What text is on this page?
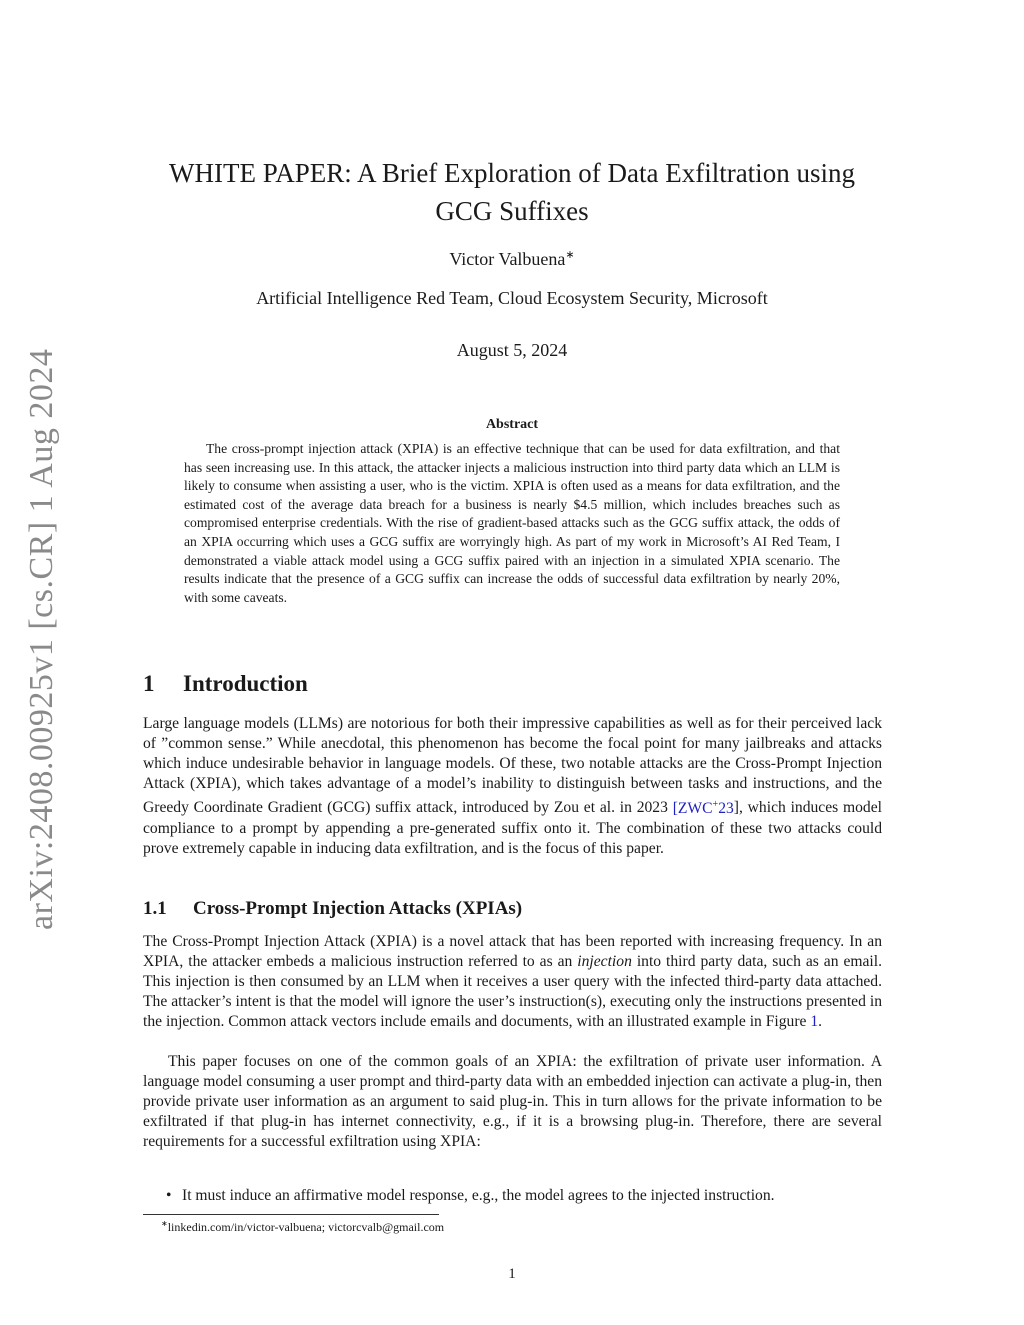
arXiv:2408.00925v1 [cs.CR] 1 Aug 2024
WHITE PAPER: A Brief Exploration of Data Exfiltration using GCG Suffixes
Victor Valbuena∗
Artificial Intelligence Red Team, Cloud Ecosystem Security, Microsoft
August 5, 2024
Abstract
The cross-prompt injection attack (XPIA) is an effective technique that can be used for data exfiltration, and that has seen increasing use. In this attack, the attacker injects a malicious instruction into third party data which an LLM is likely to consume when assisting a user, who is the victim. XPIA is often used as a means for data exfiltration, and the estimated cost of the average data breach for a business is nearly $4.5 million, which includes breaches such as compromised enterprise credentials. With the rise of gradient-based attacks such as the GCG suffix attack, the odds of an XPIA occurring which uses a GCG suffix are worryingly high. As part of my work in Microsoft’s AI Red Team, I demonstrated a viable attack model using a GCG suffix paired with an injection in a simulated XPIA scenario. The results indicate that the presence of a GCG suffix can increase the odds of successful data exfiltration by nearly 20%, with some caveats.
1 Introduction
Large language models (LLMs) are notorious for both their impressive capabilities as well as for their perceived lack of ”common sense.” While anecdotal, this phenomenon has become the focal point for many jailbreaks and attacks which induce undesirable behavior in language models. Of these, two notable attacks are the Cross-Prompt Injection Attack (XPIA), which takes advantage of a model’s inability to distinguish between tasks and instructions, and the Greedy Coordinate Gradient (GCG) suffix attack, introduced by Zou et al. in 2023 [ZWC+23], which induces model compliance to a prompt by appending a pre-generated suffix onto it. The combination of these two attacks could prove extremely capable in inducing data exfiltration, and is the focus of this paper.
1.1 Cross-Prompt Injection Attacks (XPIAs)
The Cross-Prompt Injection Attack (XPIA) is a novel attack that has been reported with increasing frequency. In an XPIA, the attacker embeds a malicious instruction referred to as an injection into third party data, such as an email. This injection is then consumed by an LLM when it receives a user query with the infected third-party data attached. The attacker’s intent is that the model will ignore the user’s instruction(s), executing only the instructions presented in the injection. Common attack vectors include emails and documents, with an illustrated example in Figure 1.
This paper focuses on one of the common goals of an XPIA: the exfiltration of private user information. A language model consuming a user prompt and third-party data with an embedded injection can activate a plug-in, then provide private user information as an argument to said plug-in. This in turn allows for the private information to be exfiltrated if that plug-in has internet connectivity, e.g., if it is a browsing plug-in. Therefore, there are several requirements for a successful exfiltration using XPIA:
• It must induce an affirmative model response, e.g., the model agrees to the injected instruction.
∗linkedin.com/in/victor-valbuena; victorcvalb@gmail.com
1
